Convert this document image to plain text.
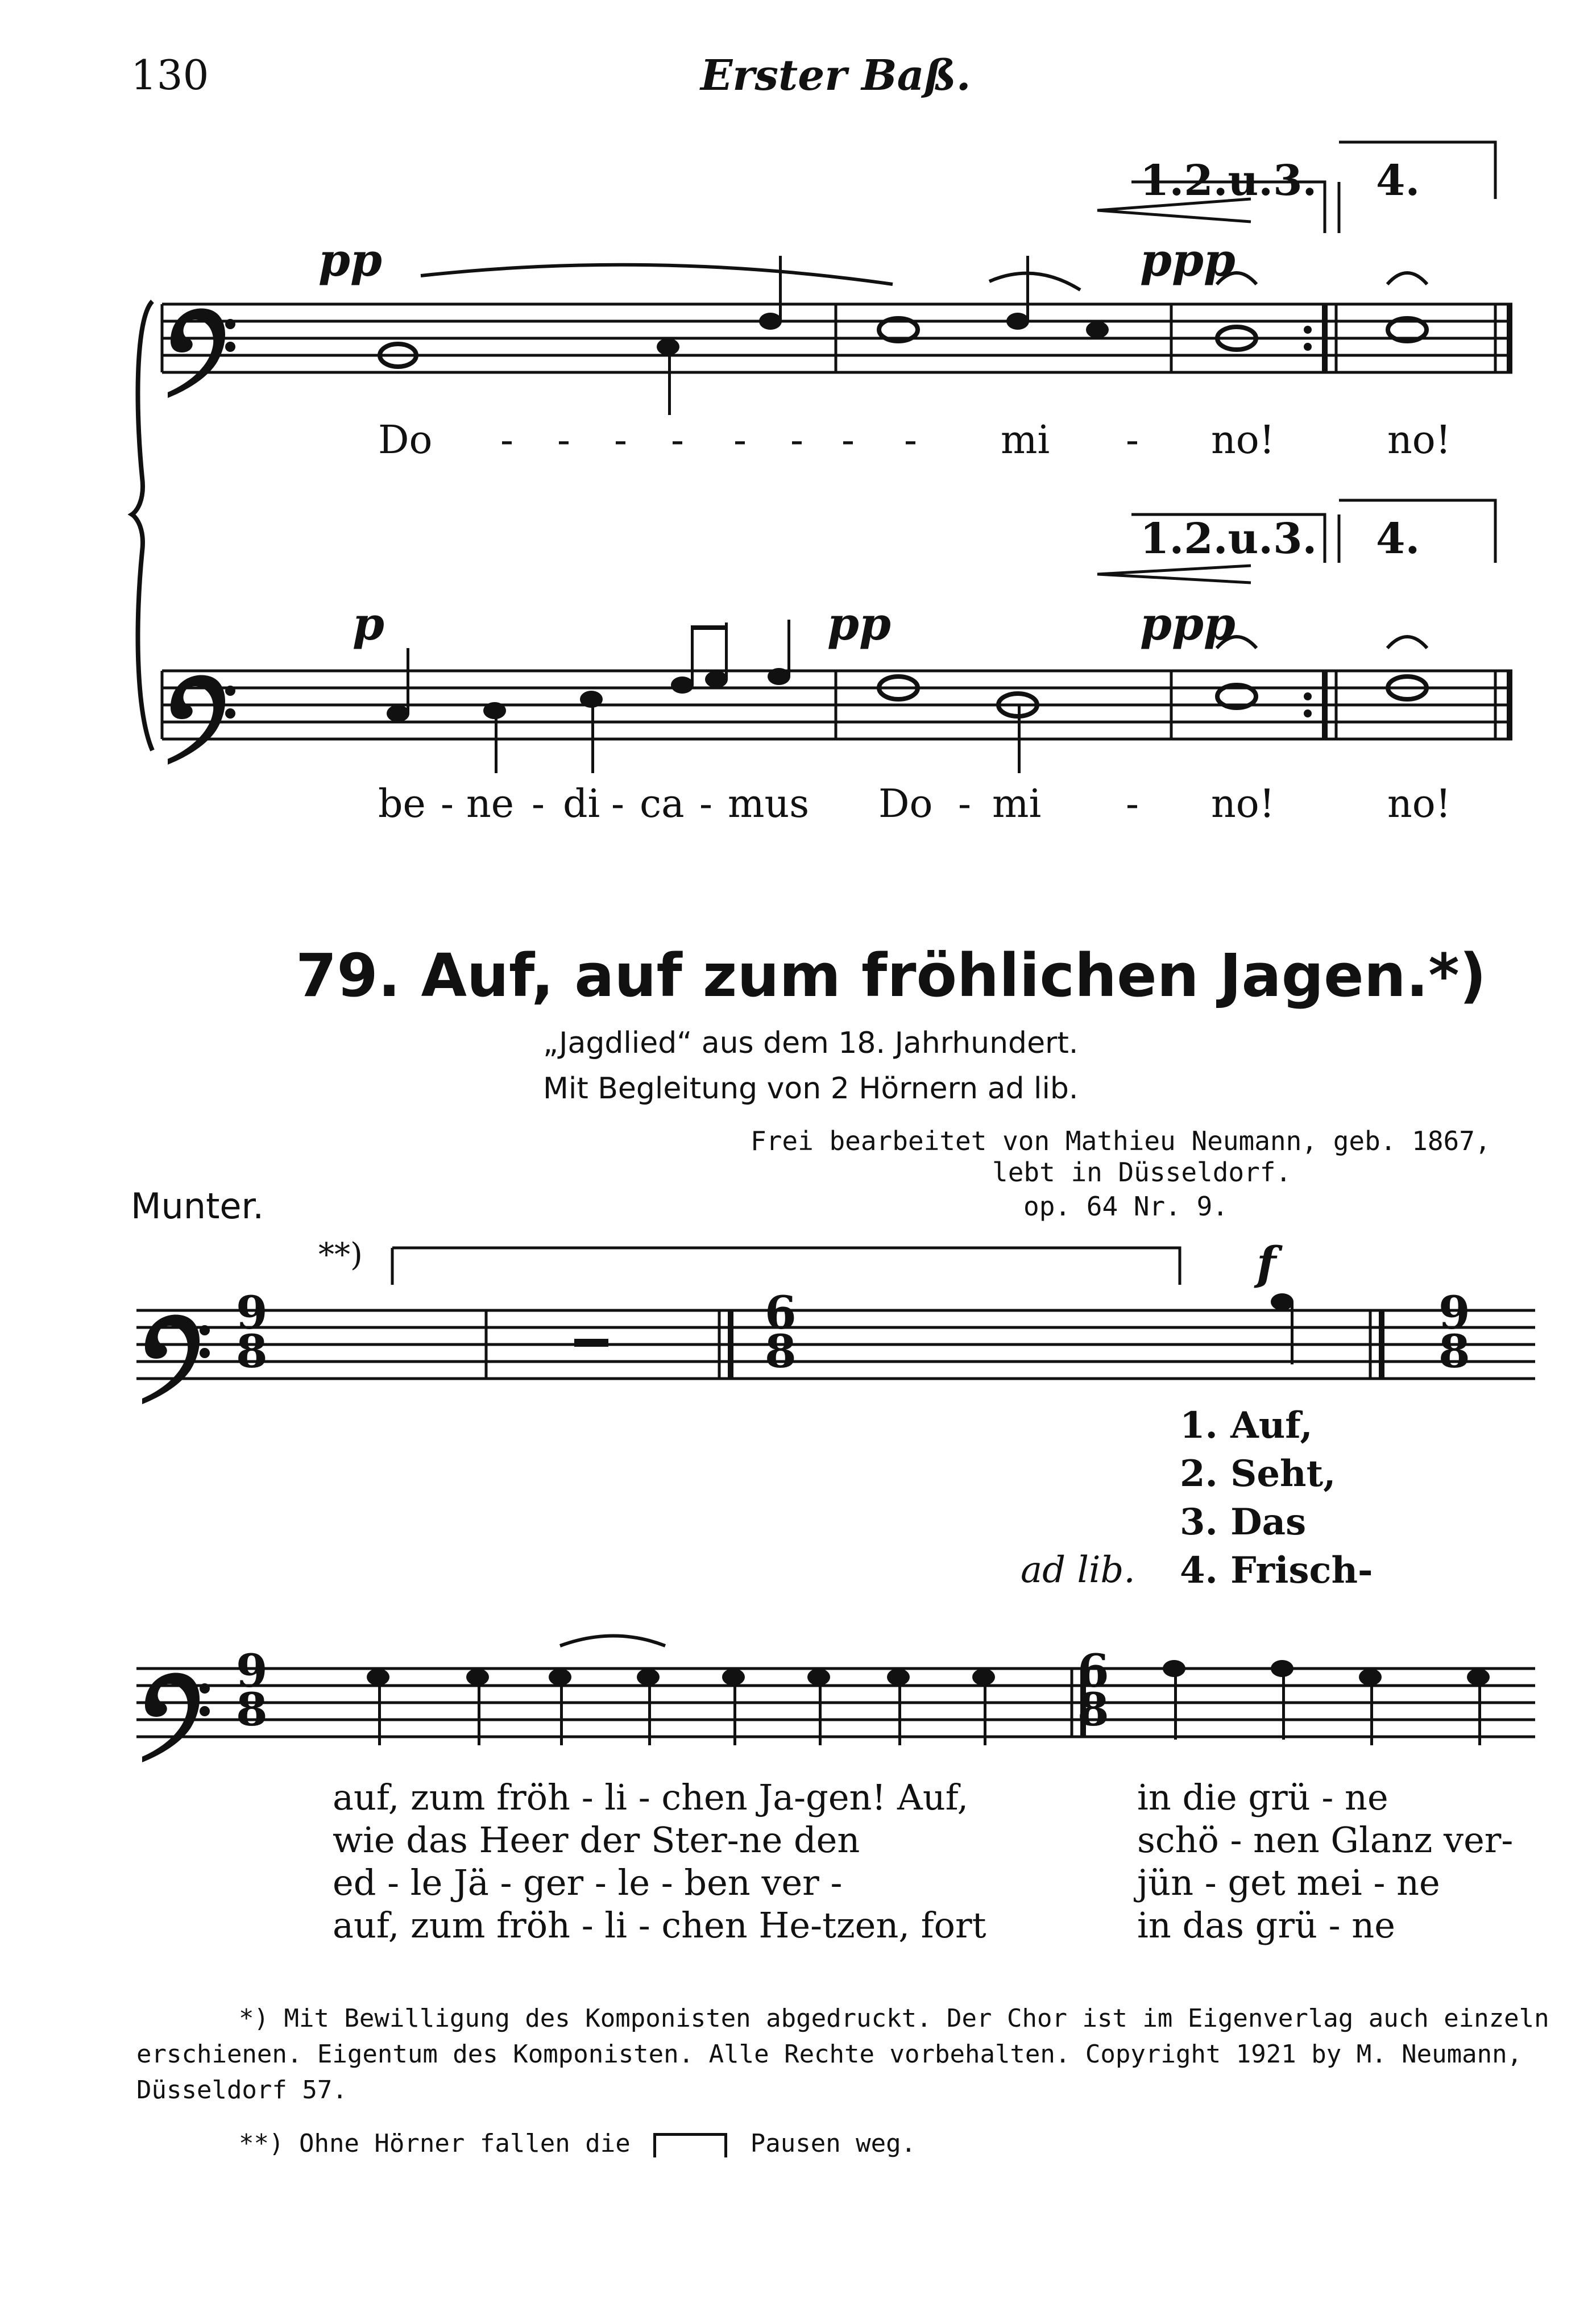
130	Erster Baß.
1.2.u.3. 4.
pp	ppp
Do - - - - - - - - mi - no!	no!
1.2.u.3. 4.
p	pp	ppp
be - ne - di - ca - mus Do - mi - no!	no!
79. Auf, auf zum fröhlichen Jagen.*)
„Jagdlied“ aus dem 18. Jahrhundert.
Mit Begleitung von 2 Hörnern ad lib.
Frei bearbeitet von Mathieu Neumann, geb. 1867,
lebt in Düsseldorf.
op. 64 Nr. 9.
Munter.
**)	f
9
8
6
8
9
8
9
8
6
8
1. Auf,
2. Seht,
3. Das
4. Frisch-
ad lib.
auf, zum fröh - li - chen Ja-gen! Auf,
wie das Heer der Ster-ne den
ed - le Jä - ger - le - ben ver -
auf, zum fröh - li - chen He-tzen, fort
in die grü - ne
schö - nen Glanz ver-
jün - get mei - ne
in das grü - ne
*) Mit Bewilligung des Komponisten abgedruckt. Der Chor ist im Eigenverlag auch einzeln
erschienen. Eigentum des Komponisten. Alle Rechte vorbehalten. Copyright 1921 by M. Neumann,
Düsseldorf 57.
**) Ohne Hörner fallen die	Pausen weg.
